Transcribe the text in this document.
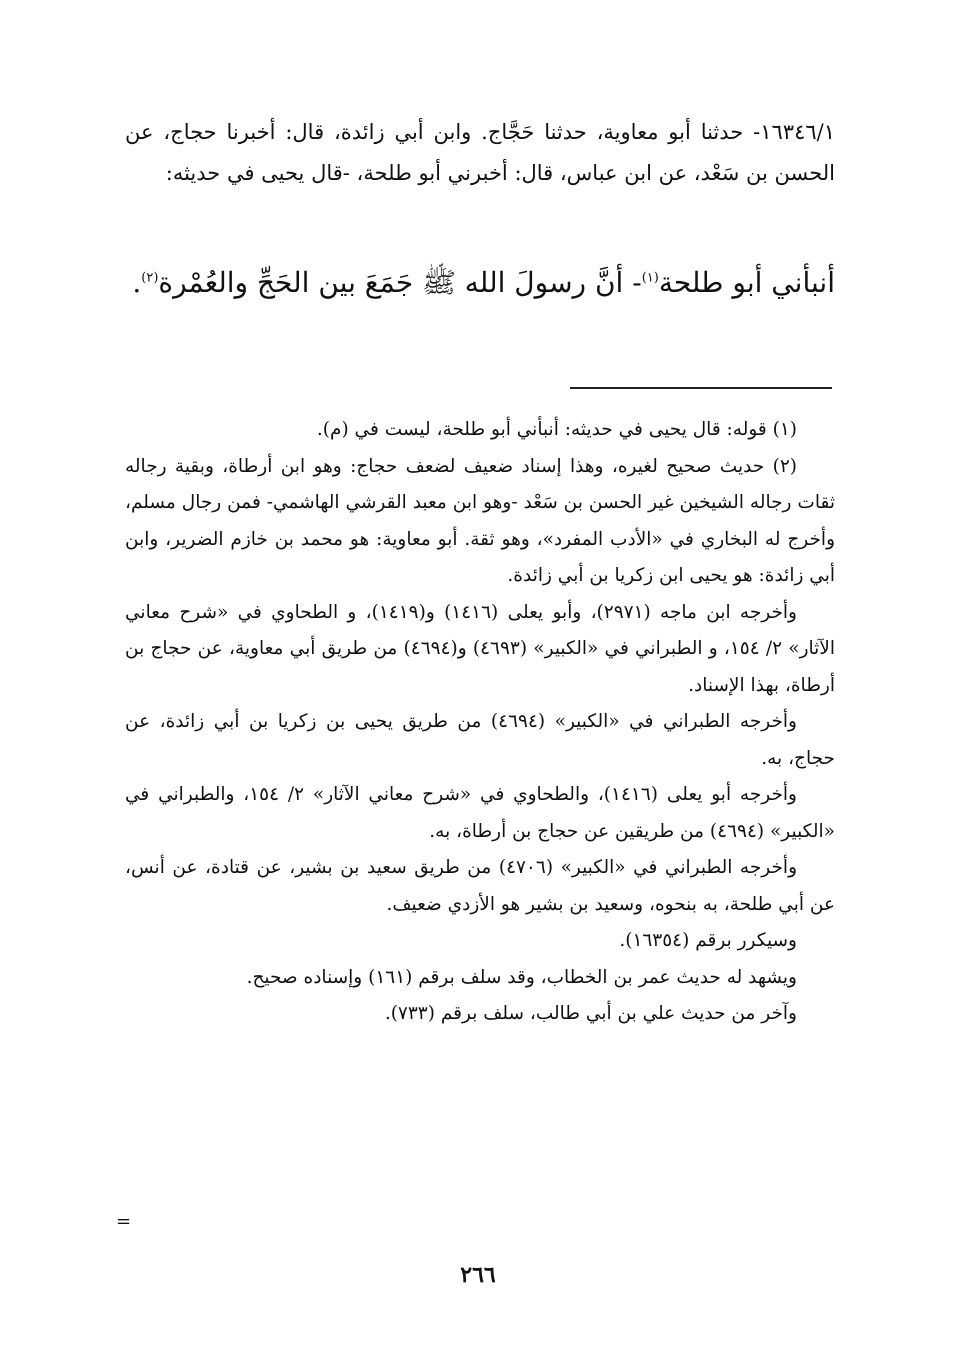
١٦٣٤٦/١- حدثنا أبو معاوية، حدثنا حَجَّاج. وابن أبي زائدة، قال: أخبرنا حجاج، عن الحسن بن سَعْد، عن ابن عباس، قال: أخبرني أبو طلحة، -قال يحيى في حديثه:

أنبأني أبو طلحة$^{(١)}$- أنَّ رسولَ الله ﷺ جَمَعَ بين الحَجِّ والعُمْرة$^{(٢)}$.

(١) قوله: قال يحيى في حديثه: أنبأني أبو طلحة، ليست في (م).

(٢) حديث صحيح لغيره، وهذا إسناد ضعيف لضعف حجاج: وهو ابن أرطاة، وبقية رجاله ثقات رجاله الشيخين غير الحسن بن سَعْد -وهو ابن معبد القرشي الهاشمي- فمن رجال مسلم، وأخرج له البخاري في «الأدب المفرد»، وهو ثقة. أبو معاوية: هو محمد بن خازم الضرير، وابن أبي زائدة: هو يحيى ابن زكريا بن أبي زائدة.

وأخرجه ابن ماجه (٢٩٧١)، وأبو يعلى (١٤١٦) و(١٤١٩)، و الطحاوي في «شرح معاني الآثار» ٢/ ١٥٤، و الطبراني في «الكبير» (٤٦٩٣) و(٤٦٩٤) من طريق أبي معاوية، عن حجاج بن أرطاة، بهذا الإسناد.

وأخرجه الطبراني في «الكبير» (٤٦٩٤) من طريق يحيى بن زكريا بن أبي زائدة، عن حجاج، به.

وأخرجه أبو يعلى (١٤١٦)، والطحاوي في «شرح معاني الآثار» ٢/ ١٥٤، والطبراني في «الكبير» (٤٦٩٤) من طريقين عن حجاج بن أرطاة، به.

وأخرجه الطبراني في «الكبير» (٤٧٠٦) من طريق سعيد بن بشير، عن قتادة، عن أنس، عن أبي طلحة، به بنحوه، وسعيد بن بشير هو الأزدي ضعيف.

وسيكرر برقم (١٦٣٥٤).

ويشهد له حديث عمر بن الخطاب، وقد سلف برقم (١٦١) وإسناده صحيح.

وآخر من حديث علي بن أبي طالب، سلف برقم (٧٣٣).

=
٢٦٦
